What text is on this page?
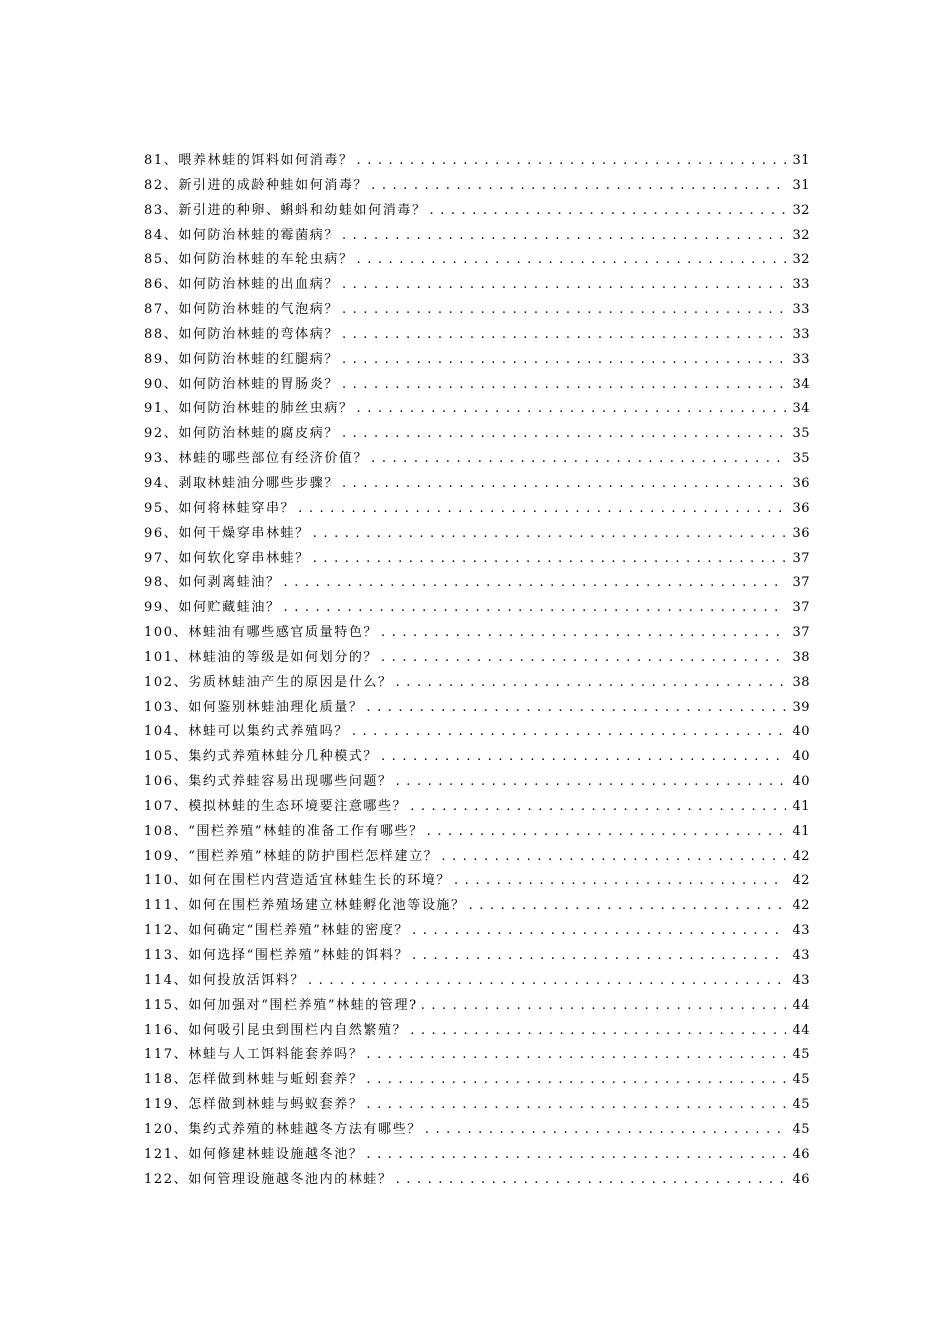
81、喂养林蛙的饵料如何消毒？ . . .	31
82、新引进的成龄种蛙如何消毒？ . . .	31
83、新引进的种卵、蝌蚪和幼蛙如何消毒？ . . .	32
84、如何防治林蛙的霉菌病？ . . .	32
85、如何防治林蛙的车轮虫病？ . . .	32
86、如何防治林蛙的出血病？ . . .	33
87、如何防治林蛙的气泡病？ . . .	33
88、如何防治林蛙的弯体病？ . . .	33
89、如何防治林蛙的红腿病？ . . .	33
90、如何防治林蛙的胃肠炎？ . . .	34
91、如何防治林蛙的肺丝虫病？ . . .	34
92、如何防治林蛙的腐皮病？ . . .	35
93、林蛙的哪些部位有经济价值？ . . .	35
94、剥取林蛙油分哪些步骤？ . . .	36
95、如何将林蛙穿串？ . . .	36
96、如何干燥穿串林蛙？ . . .	36
97、如何软化穿串林蛙？ . . .	37
98、如何剥离蛙油？ . . .	37
99、如何贮藏蛙油？ . . .	37
100、林蛙油有哪些感官质量特色？ . . .	37
101、林蛙油的等级是如何划分的？ . . .	38
102、劣质林蛙油产生的原因是什么？ . . .	38
103、如何鉴别林蛙油理化质量？ . . .	39
104、林蛙可以集约式养殖吗？ . . .	40
105、集约式养殖林蛙分几种模式？ . . .	40
106、集约式养蛙容易出现哪些问题？ . . .	40
107、模拟林蛙的生态环境要注意哪些？ . . .	41
108、“围栏养殖”林蛙的准备工作有哪些？ . . .	41
109、“围栏养殖”林蛙的防护围栏怎样建立？ . . .	42
110、如何在围栏内营造适宜林蛙生长的环境？ . . .	42
111、如何在围栏养殖场建立林蛙孵化池等设施？ . . .	42
112、如何确定“围栏养殖”林蛙的密度？ . . .	43
113、如何选择“围栏养殖”林蛙的饵料？ . . .	43
114、如何投放活饵料？ . . .	43
115、如何加强对“围栏养殖”林蛙的管理? . . .	44
116、如何吸引昆虫到围栏内自然繁殖？ . . .	44
117、林蛙与人工饵料能套养吗？ . . .	45
118、怎样做到林蛙与蚯蚓套养？ . . .	45
119、怎样做到林蛙与蚂蚁套养？ . . .	45
120、集约式养殖的林蛙越冬方法有哪些？ . . .	45
121、如何修建林蛙设施越冬池？ . . .	46
122、如何管理设施越冬池内的林蛙？ . . .	46
